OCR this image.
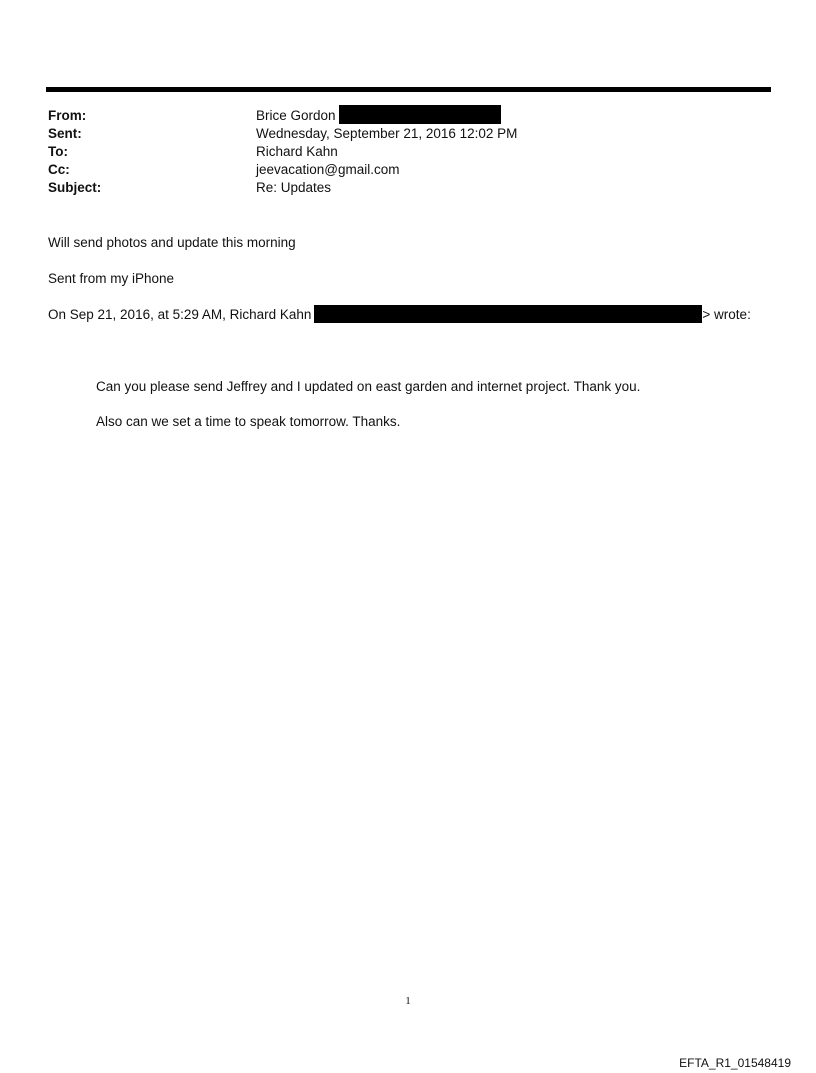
From:	Brice Gordon
Sent:	Wednesday, September 21, 2016 12:02 PM
To:	Richard Kahn
Cc:	jeevacation@gmail.com
Subject:	Re: Updates
Will send photos and update this morning
Sent from my iPhone
On Sep 21, 2016, at 5:29 AM, Richard Kahn	> wrote:
Can you please send Jeffrey and I updated on east garden and internet project. Thank you.
Also can we set a time to speak tomorrow. Thanks.
1
EFTA_R1_01548419
